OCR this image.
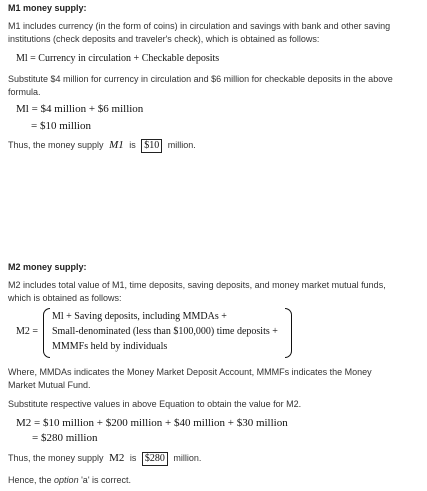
M1 money supply:
M1 includes currency (in the form of coins) in circulation and savings with bank and other saving
institutions (check deposits and traveler's check), which is obtained as follows:
Ml = Currency in circulation + Checkable deposits
Substitute $4 million for currency in circulation and $6 million for checkable deposits in the above
formula.
Ml = $4 million + $6 million
= $10 million
Thus, the money supply M1 is $10 million.
M2 money supply:
M2 includes total value of M1, time deposits, saving deposits, and money market mutual funds,
which is obtained as follows:
M2 =
Ml + Saving deposits, including MMDAs +
Small-denominated (less than $100,000) time deposits +
MMMFs held by individuals
Where, MMDAs indicates the Money Market Deposit Account, MMMFs indicates the Money
Market Mutual Fund.
Substitute respective values in above Equation to obtain the value for M2.
M2 = $10 million + $200 million + $40 million + $30 million
= $280 million
Thus, the money supply M2 is $280 million.
Hence, the option 'a' is correct.
